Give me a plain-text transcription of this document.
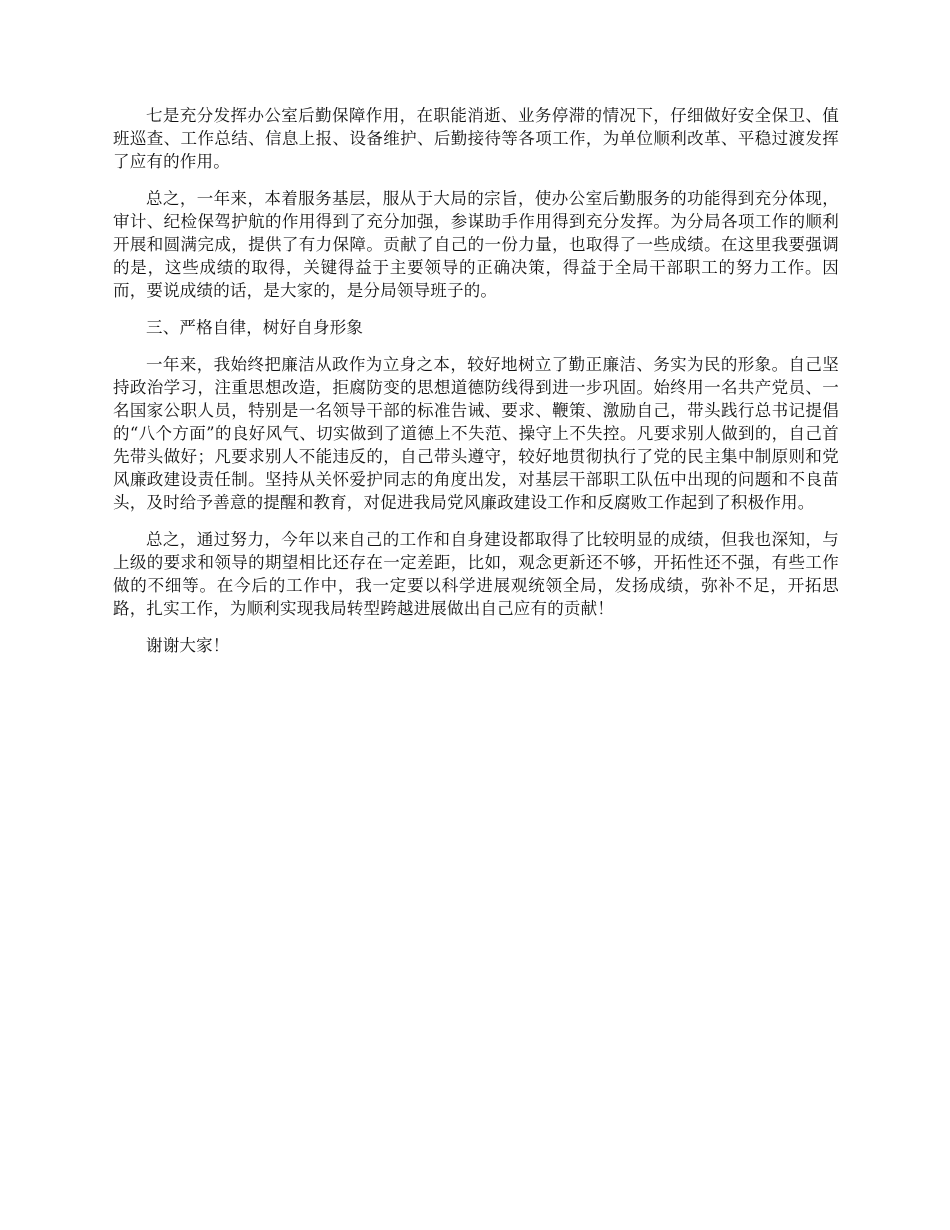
七是充分发挥办公室后勤保障作用，在职能消逝、业务停滞的情况下，仔细做好安全保卫、值班巡查、工作总结、信息上报、设备维护、后勤接待等各项工作，为单位顺利改革、平稳过渡发挥了应有的作用。

总之，一年来，本着服务基层，服从于大局的宗旨，使办公室后勤服务的功能得到充分体现，审计、纪检保驾护航的作用得到了充分加强，参谋助手作用得到充分发挥。为分局各项工作的顺利开展和圆满完成，提供了有力保障。贡献了自己的一份力量，也取得了一些成绩。在这里我要强调的是，这些成绩的取得，关键得益于主要领导的正确决策，得益于全局干部职工的努力工作。因而，要说成绩的话，是大家的，是分局领导班子的。

三、严格自律，树好自身形象

一年来，我始终把廉洁从政作为立身之本，较好地树立了勤正廉洁、务实为民的形象。自己坚持政治学习，注重思想改造，拒腐防变的思想道德防线得到进一步巩固。始终用一名共产党员、一名国家公职人员，特别是一名领导干部的标准告诫、要求、鞭策、激励自己，带头践行总书记提倡的“八个方面”的良好风气、切实做到了道德上不失范、操守上不失控。凡要求别人做到的，自己首先带头做好；凡要求别人不能违反的，自己带头遵守，较好地贯彻执行了党的民主集中制原则和党风廉政建设责任制。坚持从关怀爱护同志的角度出发，对基层干部职工队伍中出现的问题和不良苗头，及时给予善意的提醒和教育，对促进我局党风廉政建设工作和反腐败工作起到了积极作用。

总之，通过努力，今年以来自己的工作和自身建设都取得了比较明显的成绩，但我也深知，与上级的要求和领导的期望相比还存在一定差距，比如，观念更新还不够，开拓性还不强，有些工作做的不细等。在今后的工作中，我一定要以科学进展观统领全局，发扬成绩，弥补不足，开拓思路，扎实工作，为顺利实现我局转型跨越进展做出自己应有的贡献！

谢谢大家！
